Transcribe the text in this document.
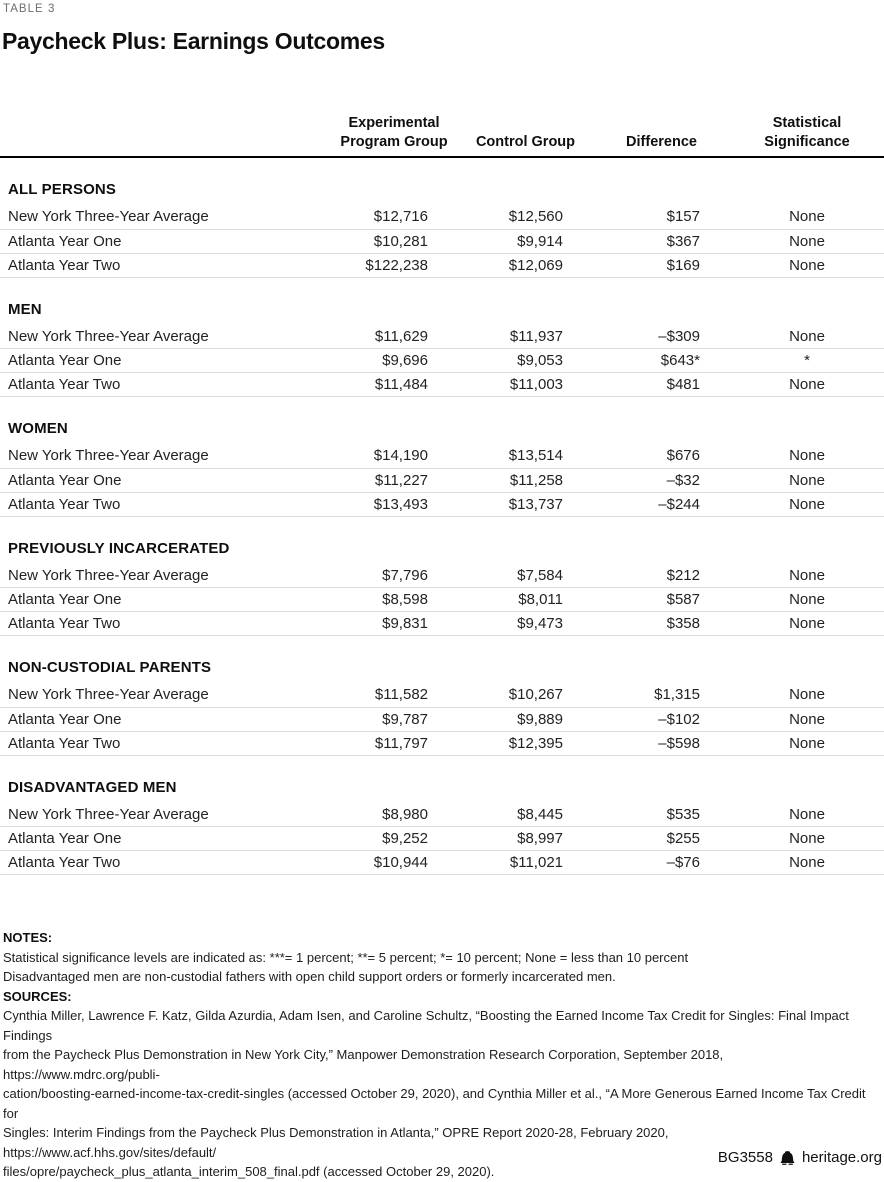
TABLE 3
Paycheck Plus: Earnings Outcomes

	Experimental
Program Group	Control Group	Difference	Statistical
Significance

ALL PERSONS				
New York Three-Year Average	$12,716	$12,560	$157	None
Atlanta Year One	$10,281	$9,914	$367	None
Atlanta Year Two	$122,238	$12,069	$169	None
MEN				
New York Three-Year Average	$11,629	$11,937	–$309	None
Atlanta Year One	$9,696	$9,053	$643*	*
Atlanta Year Two	$11,484	$11,003	$481	None
WOMEN				
New York Three-Year Average	$14,190	$13,514	$676	None
Atlanta Year One	$11,227	$11,258	–$32	None
Atlanta Year Two	$13,493	$13,737	–$244	None
PREVIOUSLY INCARCERATED				
New York Three-Year Average	$7,796	$7,584	$212	None
Atlanta Year One	$8,598	$8,011	$587	None
Atlanta Year Two	$9,831	$9,473	$358	None
NON-CUSTODIAL PARENTS				
New York Three-Year Average	$11,582	$10,267	$1,315	None
Atlanta Year One	$9,787	$9,889	–$102	None
Atlanta Year Two	$11,797	$12,395	–$598	None
DISADVANTAGED MEN				
New York Three-Year Average	$8,980	$8,445	$535	None
Atlanta Year One	$9,252	$8,997	$255	None
Atlanta Year Two	$10,944	$11,021	–$76	None
NOTES:
Statistical significance levels are indicated as: ***= 1 percent; **= 5 percent; *= 10 percent; None = less than 10 percent
Disadvantaged men are non-custodial fathers with open child support orders or formerly incarcerated men.
SOURCES:
Cynthia Miller, Lawrence F. Katz, Gilda Azurdia, Adam Isen, and Caroline Schultz, “Boosting the Earned Income Tax Credit for Singles: Final Impact Findings
from the Paycheck Plus Demonstration in New York City,” Manpower Demonstration Research Corporation, September 2018, https://www.mdrc.org/publi-
cation/boosting-earned-income-tax-credit-singles (accessed October 29, 2020), and Cynthia Miller et al., “A More Generous Earned Income Tax Credit for
Singles: Interim Findings from the Paycheck Plus Demonstration in Atlanta,” OPRE Report 2020-28, February 2020, https://www.acf.hhs.gov/sites/default/
files/opre/paycheck_plus_atlanta_interim_508_final.pdf (accessed October 29, 2020).
BG3558 heritage.org
